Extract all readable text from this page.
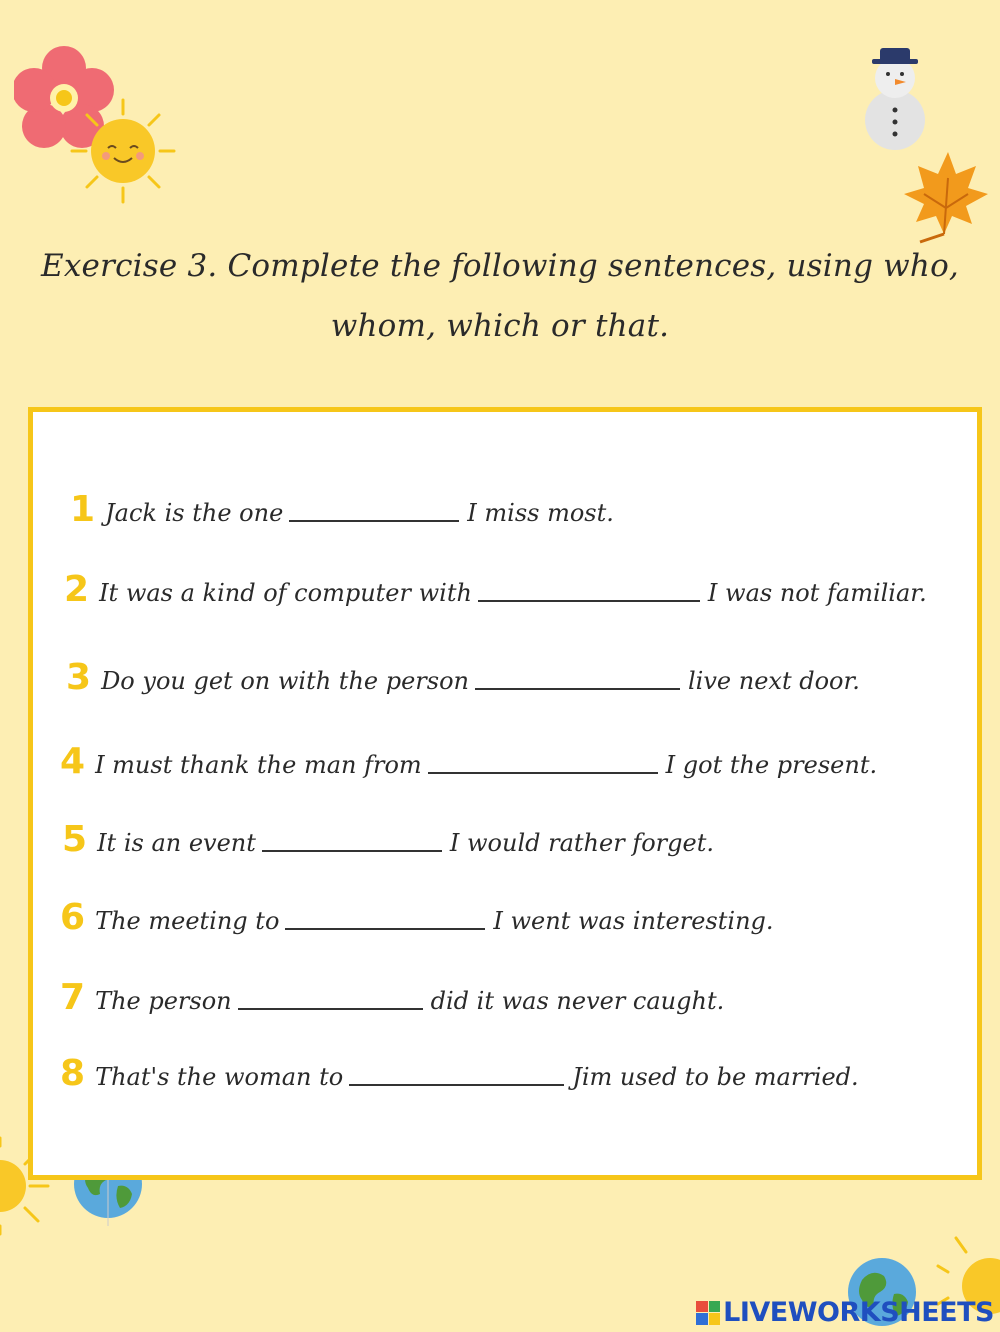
Exercise 3. Complete the following sentences, using who, whom, which or that.
1 Jack is the one	I miss most.
2 It was a kind of computer with	I was not familiar.
3 Do you get on with the person	live next door.
4 I must thank the man from	I got the present.
5 It is an event	I would rather forget.
6 The meeting to	I went was interesting.
7 The person	did it was never caught.
8 That's the woman to	Jim used to be married.
LIVEWORKSHEETS
